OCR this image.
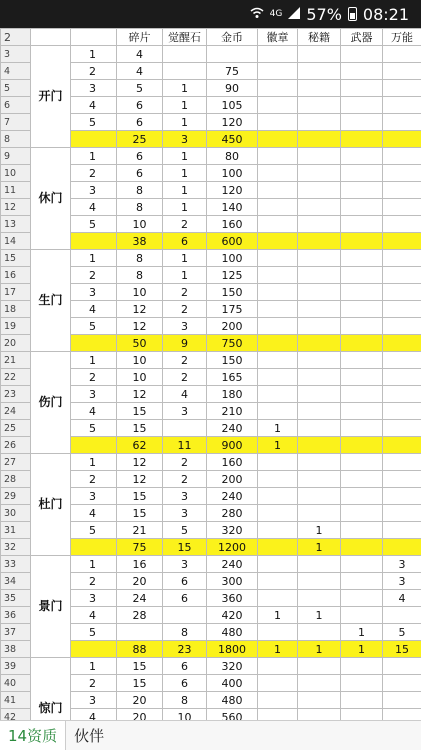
4G 57% 08:21
2			碎片	觉醒石	金币	徽章	秘籍	武器	万能
3	开门	1	4						
4		2	4		75				
5		3	5	1	90				
6		4	6	1	105				
7		5	6	1	120				
8			25	3	450				
9	休门	1	6	1	80				
10		2	6	1	100				
11		3	8	1	120				
12		4	8	1	140				
13		5	10	2	160				
14			38	6	600				
15	生门	1	8	1	100				
16		2	8	1	125				
17		3	10	2	150				
18		4	12	2	175				
19		5	12	3	200				
20			50	9	750				
21	伤门	1	10	2	150				
22		2	10	2	165				
23		3	12	4	180				
24		4	15	3	210				
25		5	15		240	1			
26			62	11	900	1			
27	杜门	1	12	2	160				
28		2	12	2	200				
29		3	15	3	240				
30		4	15	3	280				
31		5	21	5	320		1		
32			75	15	1200		1		
33	景门	1	16	3	240				3
34		2	20	6	300				3
35		3	24	6	360				4
36		4	28		420	1	1		
37		5		8	480			1	5
38			88	23	1800	1	1	1	15
39	惊门	1	15	6	320				
40		2	15	6	400				
41		3	20	8	480				
42		4	20	10	560				

14资质	伙伴
